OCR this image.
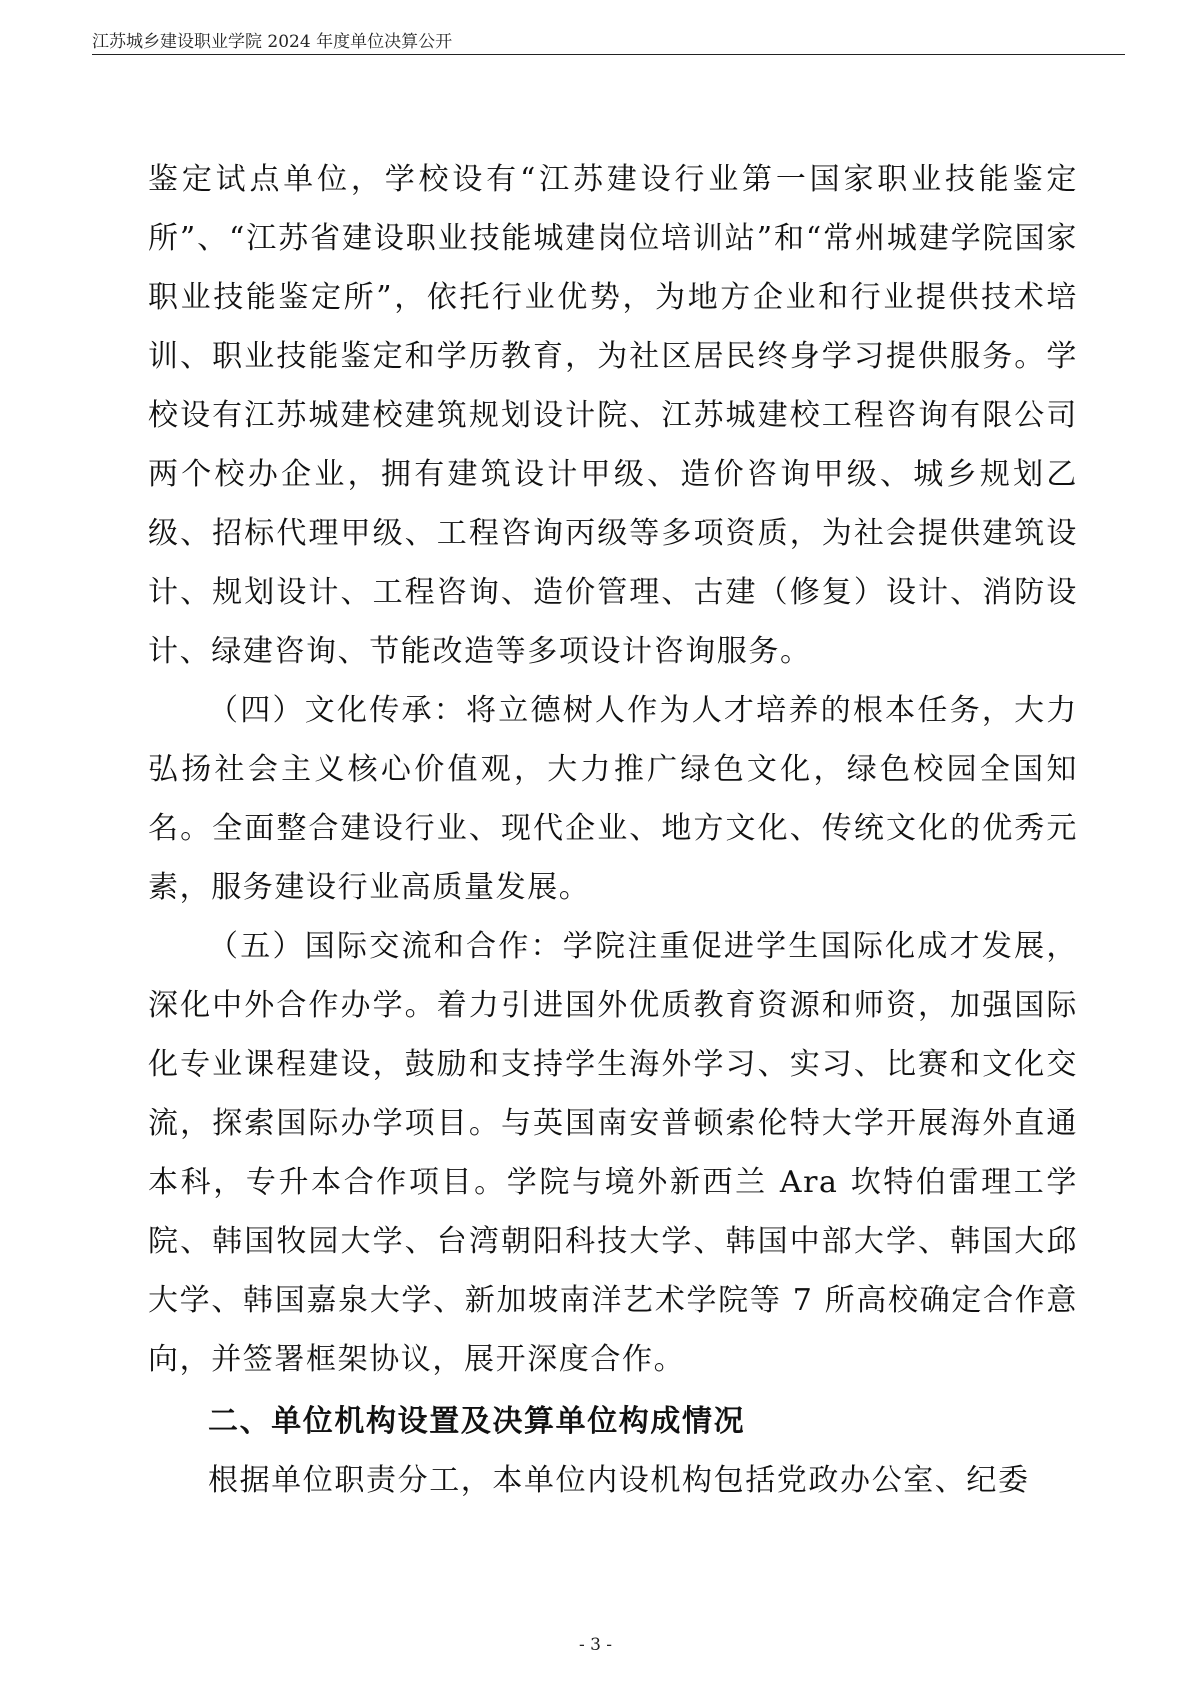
江苏城乡建设职业学院 2024 年度单位决算公开

鉴定试点单位，学校设有“江苏建设行业第一国家职业技能鉴定所”、“江苏省建设职业技能城建岗位培训站”和“常州城建学院国家职业技能鉴定所”，依托行业优势，为地方企业和行业提供技术培训、职业技能鉴定和学历教育，为社区居民终身学习提供服务。学校设有江苏城建校建筑规划设计院、江苏城建校工程咨询有限公司两个校办企业，拥有建筑设计甲级、造价咨询甲级、城乡规划乙级、招标代理甲级、工程咨询丙级等多项资质，为社会提供建筑设计、规划设计、工程咨询、造价管理、古建（修复）设计、消防设计、绿建咨询、节能改造等多项设计咨询服务。

（四）文化传承：将立德树人作为人才培养的根本任务，大力弘扬社会主义核心价值观，大力推广绿色文化，绿色校园全国知名。全面整合建设行业、现代企业、地方文化、传统文化的优秀元素，服务建设行业高质量发展。

（五）国际交流和合作：学院注重促进学生国际化成才发展，深化中外合作办学。着力引进国外优质教育资源和师资，加强国际化专业课程建设，鼓励和支持学生海外学习、实习、比赛和文化交流，探索国际办学项目。与英国南安普顿索伦特大学开展海外直通本科，专升本合作项目。学院与境外新西兰 Ara 坎特伯雷理工学院、韩国牧园大学、台湾朝阳科技大学、韩国中部大学、韩国大邱大学、韩国嘉泉大学、新加坡南洋艺术学院等 7 所高校确定合作意向，并签署框架协议，展开深度合作。

二、单位机构设置及决算单位构成情况

根据单位职责分工，本单位内设机构包括党政办公室、纪委

- 3 -
